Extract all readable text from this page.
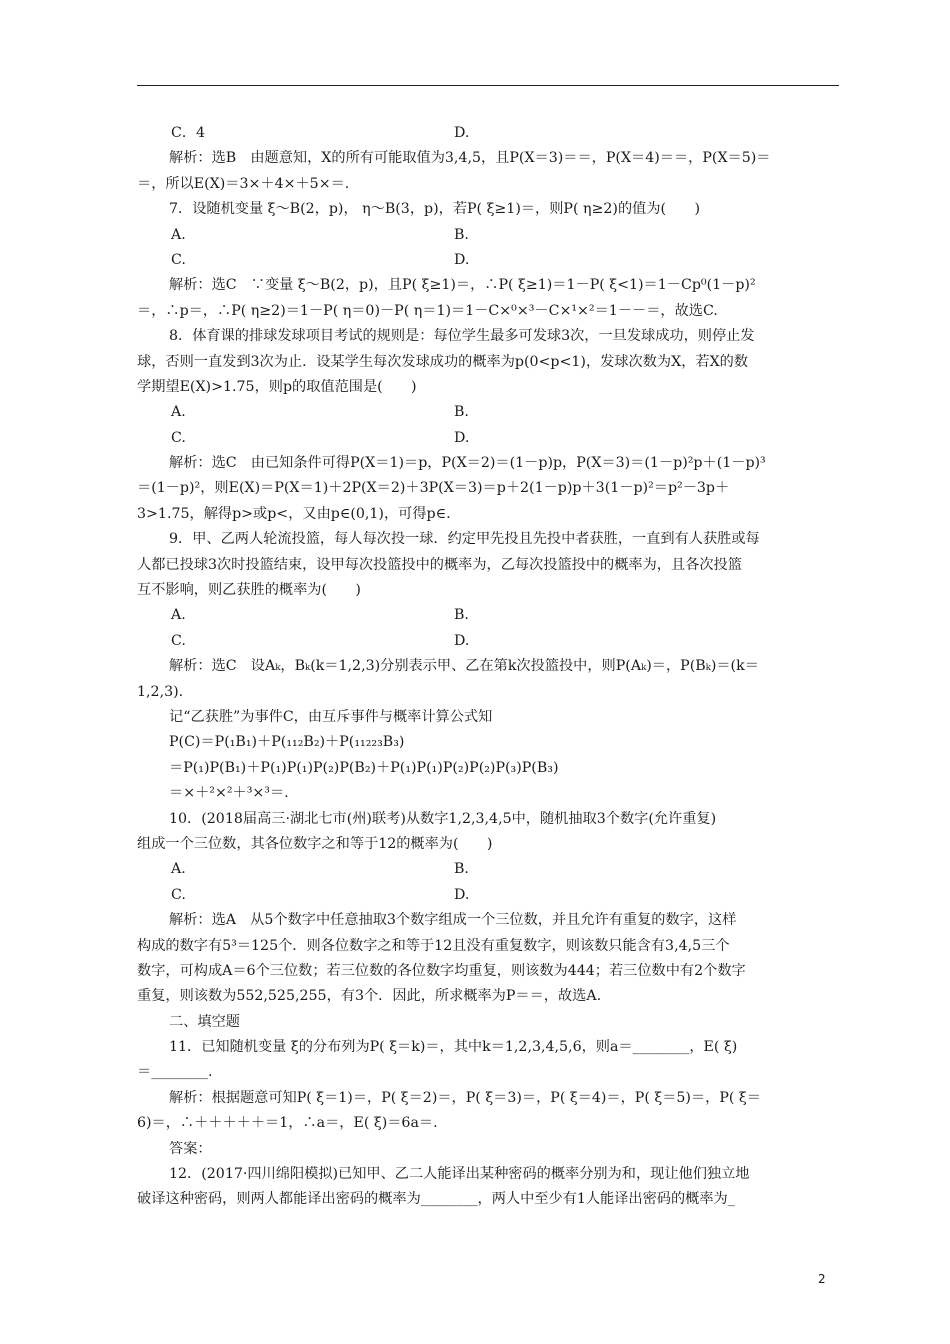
C．4	D.
解析：选B　由题意知，X的所有可能取值为3,4,5，且P(X＝3)＝＝，P(X＝4)＝＝，P(X＝5)＝
＝，所以E(X)＝3×＋4×＋5×＝.
7．设随机变量 ξ～B(2，p)， η～B(3，p)，若P( ξ≥1)＝，则P( η≥2)的值为(　　)
A.	B.
C.	D.
解析：选C　∵变量 ξ～B(2，p)，且P( ξ≥1)＝，∴P( ξ≥1)＝1－P( ξ<1)＝1－Cp⁰(1－p)²
＝，∴p＝，∴P( η≥2)＝1－P( η＝0)－P( η＝1)＝1－C×⁰×³－C×¹×²＝1－－＝，故选C.
8．体育课的排球发球项目考试的规则是：每位学生最多可发球3次，一旦发球成功，则停止发
球，否则一直发到3次为止．设某学生每次发球成功的概率为p(0<p<1)，发球次数为X，若X的数
学期望E(X)>1.75，则p的取值范围是(　　)
A.	B.
C.	D.
解析：选C　由已知条件可得P(X＝1)＝p，P(X＝2)＝(1－p)p，P(X＝3)＝(1－p)²p＋(1－p)³
＝(1－p)²，则E(X)＝P(X＝1)＋2P(X＝2)＋3P(X＝3)＝p＋2(1－p)p＋3(1－p)²＝p²－3p＋
3>1.75，解得p>或p<，又由p∈(0,1)，可得p∈.
9．甲、乙两人轮流投篮，每人每次投一球．约定甲先投且先投中者获胜，一直到有人获胜或每
人都已投球3次时投篮结束，设甲每次投篮投中的概率为，乙每次投篮投中的概率为，且各次投篮
互不影响，则乙获胜的概率为(　　)
A.	B.
C.	D.
解析：选C　设Aₖ，Bₖ(k＝1,2,3)分别表示甲、乙在第k次投篮投中，则P(Aₖ)＝，P(Bₖ)＝(k＝
1,2,3).
记“乙获胜”为事件C，由互斥事件与概率计算公式知
P(C)＝P(₁B₁)＋P(₁₁₂B₂)＋P(₁₁₂₂₃B₃)
＝P(₁)P(B₁)＋P(₁)P(₁)P(₂)P(B₂)＋P(₁)P(₁)P(₂)P(₂)P(₃)P(B₃)
＝×＋²×²＋³×³＝.
10．(2018届高三·湖北七市(州)联考)从数字1,2,3,4,5中，随机抽取3个数字(允许重复)
组成一个三位数，其各位数字之和等于12的概率为(　　)
A.	B.
C.	D.
解析：选A　从5个数字中任意抽取3个数字组成一个三位数，并且允许有重复的数字，这样
构成的数字有5³＝125个．则各位数字之和等于12且没有重复数字，则该数只能含有3,4,5三个
数字，可构成A＝6个三位数；若三位数的各位数字均重复，则该数为444；若三位数中有2个数字
重复，则该数为552,525,255，有3个．因此，所求概率为P＝＝，故选A.
二、填空题
11．已知随机变量 ξ的分布列为P( ξ＝k)＝，其中k＝1,2,3,4,5,6，则a＝________，E( ξ)
＝________.
解析：根据题意可知P( ξ＝1)＝，P( ξ＝2)＝，P( ξ＝3)＝，P( ξ＝4)＝，P( ξ＝5)＝，P( ξ＝
6)＝，∴＋＋＋＋＋＝1，∴a＝，E( ξ)＝6a＝.
答案：
12．(2017·四川绵阳模拟)已知甲、乙二人能译出某种密码的概率分别为和，现让他们独立地
破译这种密码，则两人都能译出密码的概率为________，两人中至少有1人能译出密码的概率为_
2
